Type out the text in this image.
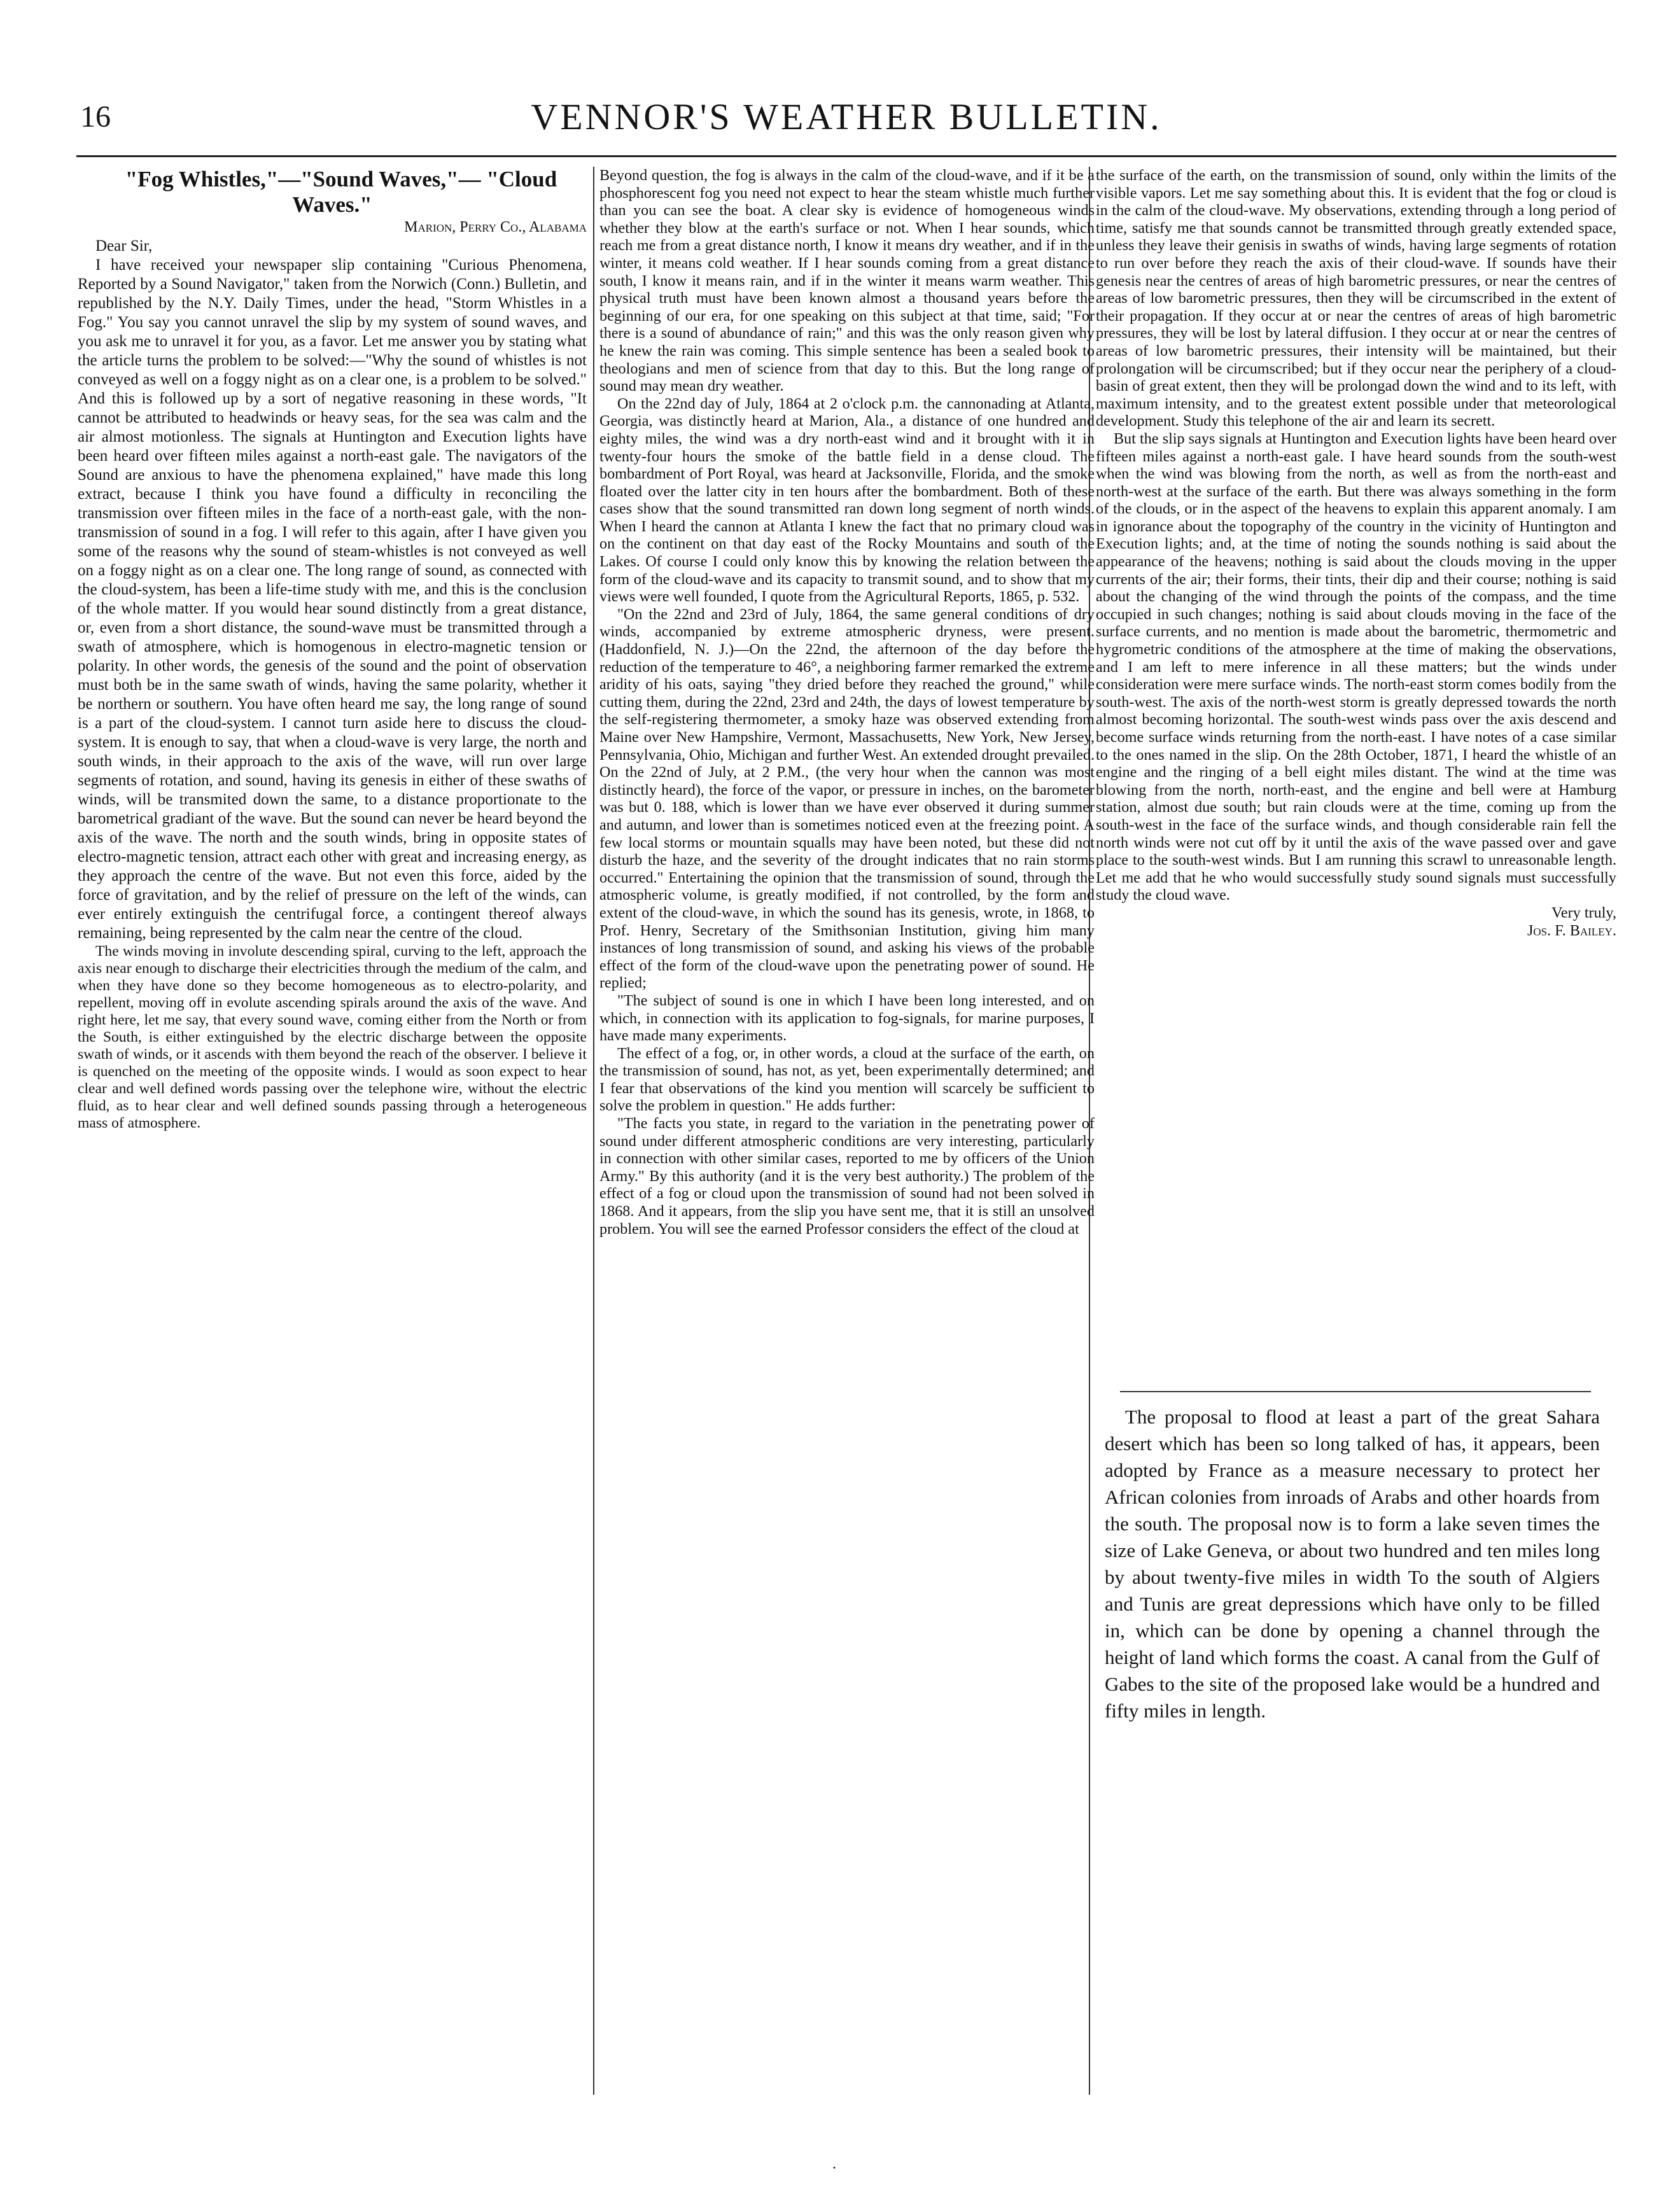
16	VENNOR'S WEATHER BULLETIN.

"Fog Whistles,"—"Sound Waves,"— "Cloud Waves."

Marion, Perry Co., Alabama

Dear Sir,

I have received your newspaper slip containing "Curious Phenomena, Reported by a Sound Navigator," taken from the Norwich (Conn.) Bulletin, and republished by the N.Y. Daily Times, under the head, "Storm Whistles in a Fog." You say you cannot unravel the slip by my system of sound waves, and you ask me to unravel it for you, as a favor. Let me answer you by stating what the article turns the problem to be solved:—"Why the sound of whistles is not conveyed as well on a foggy night as on a clear one, is a problem to be solved." And this is followed up by a sort of negative reasoning in these words, "It cannot be attributed to headwinds or heavy seas, for the sea was calm and the air almost motionless. The signals at Huntington and Execution lights have been heard over fifteen miles against a north-east gale. The navigators of the Sound are anxious to have the phenomena explained," have made this long extract, because I think you have found a difficulty in reconciling the transmission over fifteen miles in the face of a north-east gale, with the non-transmission of sound in a fog. I will refer to this again, after I have given you some of the reasons why the sound of steam-whistles is not conveyed as well on a foggy night as on a clear one. The long range of sound, as connected with the cloud-system, has been a life-time study with me, and this is the conclusion of the whole matter. If you would hear sound distinctly from a great distance, or, even from a short distance, the sound-wave must be transmitted through a swath of atmosphere, which is homogenous in electro-magnetic tension or polarity. In other words, the genesis of the sound and the point of observation must both be in the same swath of winds, having the same polarity, whether it be northern or southern. You have often heard me say, the long range of sound is a part of the cloud-system. I cannot turn aside here to discuss the cloud-system. It is enough to say, that when a cloud-wave is very large, the north and south winds, in their approach to the axis of the wave, will run over large segments of rotation, and sound, having its genesis in either of these swaths of winds, will be transmited down the same, to a distance proportionate to the barometrical gradiant of the wave. But the sound can never be heard beyond the axis of the wave. The north and the south winds, bring in opposite states of electro-magnetic tension, attract each other with great and increasing energy, as they approach the centre of the wave. But not even this force, aided by the force of gravitation, and by the relief of pressure on the left of the winds, can ever entirely extinguish the centrifugal force, a contingent thereof always remaining, being represented by the calm near the centre of the cloud.

The winds moving in involute descending spiral, curving to the left, approach the axis near enough to discharge their electricities through the medium of the calm, and when they have done so they become homogeneous as to electro-polarity, and repellent, moving off in evolute ascending spirals around the axis of the wave. And right here, let me say, that every sound wave, coming either from the North or from the South, is either extinguished by the electric discharge between the opposite swath of winds, or it ascends with them beyond the reach of the observer. I believe it is quenched on the meeting of the opposite winds. I would as soon expect to hear clear and well defined words passing over the telephone wire, without the electric fluid, as to hear clear and well defined sounds passing through a heterogeneous mass of atmosphere.

Beyond question, the fog is always in the calm of the cloud-wave, and if it be a phosphorescent fog you need not expect to hear the steam whistle much further than you can see the boat. A clear sky is evidence of homogeneous winds whether they blow at the earth's surface or not. When I hear sounds, which reach me from a great distance north, I know it means dry weather, and if in the winter, it means cold weather. If I hear sounds coming from a great distance south, I know it means rain, and if in the winter it means warm weather. This physical truth must have been known almost a thousand years before the beginning of our era, for one speaking on this subject at that time, said; "For there is a sound of abundance of rain;" and this was the only reason given why he knew the rain was coming. This simple sentence has been a sealed book to theologians and men of science from that day to this. But the long range of sound may mean dry weather.

On the 22nd day of July, 1864 at 2 o'clock p.m. the cannonading at Atlanta, Georgia, was distinctly heard at Marion, Ala., a distance of one hundred and eighty miles, the wind was a dry north-east wind and it brought with it in twenty-four hours the smoke of the battle field in a dense cloud. The bombardment of Port Royal, was heard at Jacksonville, Florida, and the smoke floated over the latter city in ten hours after the bombardment. Both of these cases show that the sound transmitted ran down long segment of north winds. When I heard the cannon at Atlanta I knew the fact that no primary cloud was on the continent on that day east of the Rocky Mountains and south of the Lakes. Of course I could only know this by knowing the relation between the form of the cloud-wave and its capacity to transmit sound, and to show that my views were well founded, I quote from the Agricultural Reports, 1865, p. 532.

"On the 22nd and 23rd of July, 1864, the same general conditions of dry winds, accompanied by extreme atmospheric dryness, were present. (Haddonfield, N. J.)—On the 22nd, the afternoon of the day before the reduction of the temperature to 46°, a neighboring farmer remarked the extreme aridity of his oats, saying "they dried before they reached the ground," while cutting them, during the 22nd, 23rd and 24th, the days of lowest temperature by the self-registering thermometer, a smoky haze was observed extending from Maine over New Hampshire, Vermont, Massachusetts, New York, New Jersey, Pennsylvania, Ohio, Michigan and further West. An extended drought prevailed. On the 22nd of July, at 2 P.M., (the very hour when the cannon was most distinctly heard), the force of the vapor, or pressure in inches, on the barometer was but 0. 188, which is lower than we have ever observed it during summer and autumn, and lower than is sometimes noticed even at the freezing point. A few local storms or mountain squalls may have been noted, but these did not disturb the haze, and the severity of the drought indicates that no rain storms occurred." Entertaining the opinion that the transmission of sound, through the atmospheric volume, is greatly modified, if not controlled, by the form and extent of the cloud-wave, in which the sound has its genesis, wrote, in 1868, to Prof. Henry, Secretary of the Smithsonian Institution, giving him many instances of long transmission of sound, and asking his views of the probable effect of the form of the cloud-wave upon the penetrating power of sound. He replied;

"The subject of sound is one in which I have been long interested, and on which, in connection with its application to fog-signals, for marine purposes, I have made many experiments.

The effect of a fog, or, in other words, a cloud at the surface of the earth, on the transmission of sound, has not, as yet, been experimentally determined; and I fear that observations of the kind you mention will scarcely be sufficient to solve the problem in question." He adds further:

"The facts you state, in regard to the variation in the penetrating power of sound under different atmospheric conditions are very interesting, particularly in connection with other similar cases, reported to me by officers of the Union Army." By this authority (and it is the very best authority.) The problem of the effect of a fog or cloud upon the transmission of sound had not been solved in 1868. And it appears, from the slip you have sent me, that it is still an unsolved problem. You will see the earned Professor considers the effect of the cloud at

the surface of the earth, on the transmission of sound, only within the limits of the visible vapors. Let me say something about this. It is evident that the fog or cloud is in the calm of the cloud-wave. My observations, extending through a long period of time, satisfy me that sounds cannot be transmitted through greatly extended space, unless they leave their genisis in swaths of winds, having large segments of rotation to run over before they reach the axis of their cloud-wave. If sounds have their genesis near the centres of areas of high barometric pressures, or near the centres of areas of low barometric pressures, then they will be circumscribed in the extent of their propagation. If they occur at or near the centres of areas of high barometric pressures, they will be lost by lateral diffusion. I they occur at or near the centres of areas of low barometric pressures, their intensity will be maintained, but their prolongation will be circumscribed; but if they occur near the periphery of a cloud-basin of great extent, then they will be prolongad down the wind and to its left, with maximum intensity, and to the greatest extent possible under that meteorological development. Study this telephone of the air and learn its secrett.

But the slip says signals at Huntington and Execution lights have been heard over fifteen miles against a north-east gale. I have heard sounds from the south-west when the wind was blowing from the north, as well as from the north-east and north-west at the surface of the earth. But there was always something in the form of the clouds, or in the aspect of the heavens to explain this apparent anomaly. I am in ignorance about the topography of the country in the vicinity of Huntington and Execution lights; and, at the time of noting the sounds nothing is said about the appearance of the heavens; nothing is said about the clouds moving in the upper currents of the air; their forms, their tints, their dip and their course; nothing is said about the changing of the wind through the points of the compass, and the time occupied in such changes; nothing is said about clouds moving in the face of the surface currents, and no mention is made about the barometric, thermometric and hygrometric conditions of the atmosphere at the time of making the observations, and I am left to mere inference in all these matters; but the winds under consideration were mere surface winds. The north-east storm comes bodily from the south-west. The axis of the north-west storm is greatly depressed towards the north almost becoming horizontal. The south-west winds pass over the axis descend and become surface winds returning from the north-east. I have notes of a case similar to the ones named in the slip. On the 28th October, 1871, I heard the whistle of an engine and the ringing of a bell eight miles distant. The wind at the time was blowing from the north, north-east, and the engine and bell were at Hamburg station, almost due south; but rain clouds were at the time, coming up from the south-west in the face of the surface winds, and though considerable rain fell the north winds were not cut off by it until the axis of the wave passed over and gave place to the south-west winds. But I am running this scrawl to unreasonable length. Let me add that he who would successfully study sound signals must successfully study the cloud wave.

Very truly,

Jos. F. Bailey.

The proposal to flood at least a part of the great Sahara desert which has been so long talked of has, it appears, been adopted by France as a measure necessary to protect her African colonies from inroads of Arabs and other hoards from the south. The proposal now is to form a lake seven times the size of Lake Geneva, or about two hundred and ten miles long by about twenty-five miles in width To the south of Algiers and Tunis are great depressions which have only to be filled in, which can be done by opening a channel through the height of land which forms the coast. A canal from the Gulf of Gabes to the site of the proposed lake would be a hundred and fifty miles in length.

.
